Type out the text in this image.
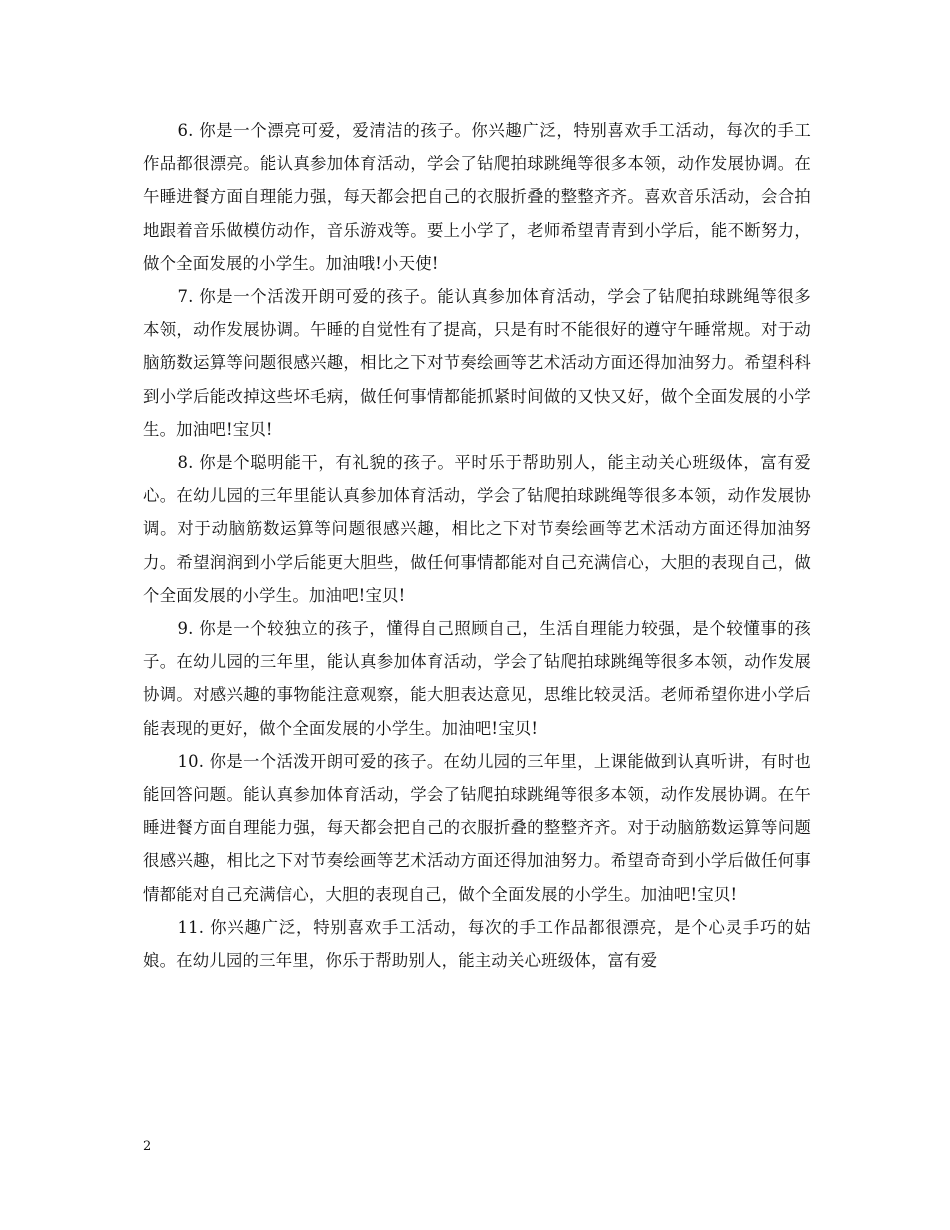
6. 你是一个漂亮可爱，爱清洁的孩子。你兴趣广泛，特别喜欢手工活动，每次的手工作品都很漂亮。能认真参加体育活动，学会了钻爬拍球跳绳等很多本领，动作发展协调。在午睡进餐方面自理能力强，每天都会把自己的衣服折叠的整整齐齐。喜欢音乐活动，会合拍地跟着音乐做模仿动作，音乐游戏等。要上小学了，老师希望青青到小学后，能不断努力，做个全面发展的小学生。加油哦!小天使!

7. 你是一个活泼开朗可爱的孩子。能认真参加体育活动，学会了钻爬拍球跳绳等很多本领，动作发展协调。午睡的自觉性有了提高，只是有时不能很好的遵守午睡常规。对于动脑筋数运算等问题很感兴趣，相比之下对节奏绘画等艺术活动方面还得加油努力。希望科科到小学后能改掉这些坏毛病，做任何事情都能抓紧时间做的又快又好，做个全面发展的小学生。加油吧!宝贝!

8. 你是个聪明能干，有礼貌的孩子。平时乐于帮助别人，能主动关心班级体，富有爱心。在幼儿园的三年里能认真参加体育活动，学会了钻爬拍球跳绳等很多本领，动作发展协调。对于动脑筋数运算等问题很感兴趣，相比之下对节奏绘画等艺术活动方面还得加油努力。希望润润到小学后能更大胆些，做任何事情都能对自己充满信心，大胆的表现自己，做个全面发展的小学生。加油吧!宝贝!

9. 你是一个较独立的孩子，懂得自己照顾自己，生活自理能力较强，是个较懂事的孩子。在幼儿园的三年里，能认真参加体育活动，学会了钻爬拍球跳绳等很多本领，动作发展协调。对感兴趣的事物能注意观察，能大胆表达意见，思维比较灵活。老师希望你进小学后能表现的更好，做个全面发展的小学生。加油吧!宝贝!

10. 你是一个活泼开朗可爱的孩子。在幼儿园的三年里，上课能做到认真听讲，有时也能回答问题。能认真参加体育活动，学会了钻爬拍球跳绳等很多本领，动作发展协调。在午睡进餐方面自理能力强，每天都会把自己的衣服折叠的整整齐齐。对于动脑筋数运算等问题很感兴趣，相比之下对节奏绘画等艺术活动方面还得加油努力。希望奇奇到小学后做任何事情都能对自己充满信心，大胆的表现自己，做个全面发展的小学生。加油吧!宝贝!

11. 你兴趣广泛，特别喜欢手工活动，每次的手工作品都很漂亮，是个心灵手巧的姑娘。在幼儿园的三年里，你乐于帮助别人，能主动关心班级体，富有爱

2
